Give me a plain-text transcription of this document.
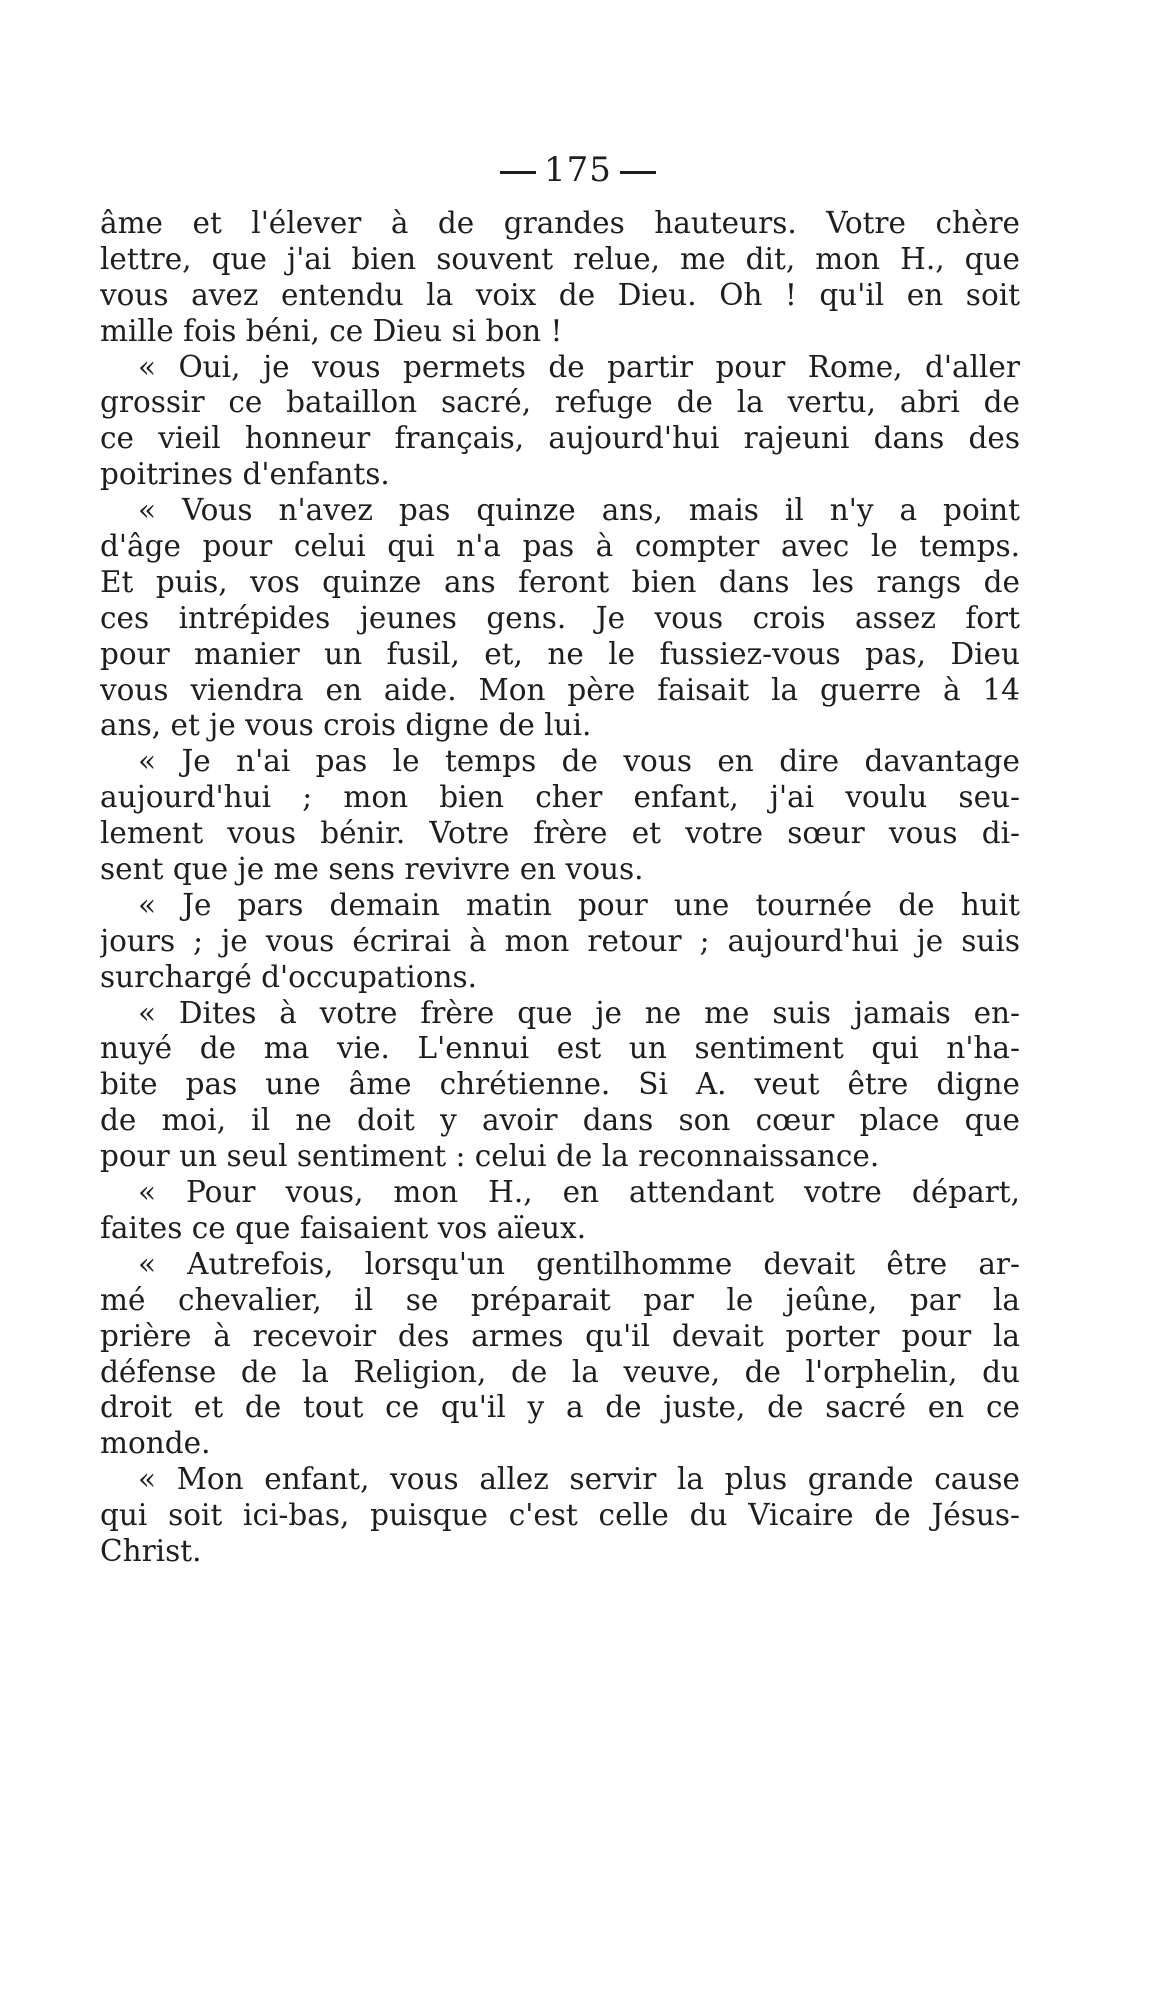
175
âme et l'élever à de grandes hauteurs. Votre chère
lettre, que j'ai bien souvent relue, me dit, mon H., que
vous avez entendu la voix de Dieu. Oh ! qu'il en soit
mille fois béni, ce Dieu si bon !
« Oui, je vous permets de partir pour Rome, d'aller
grossir ce bataillon sacré, refuge de la vertu, abri de
ce vieil honneur français, aujourd'hui rajeuni dans des
poitrines d'enfants.
« Vous n'avez pas quinze ans, mais il n'y a point
d'âge pour celui qui n'a pas à compter avec le temps.
Et puis, vos quinze ans feront bien dans les rangs de
ces intrépides jeunes gens. Je vous crois assez fort
pour manier un fusil, et, ne le fussiez-vous pas, Dieu
vous viendra en aide. Mon père faisait la guerre à 14
ans, et je vous crois digne de lui.
« Je n'ai pas le temps de vous en dire davantage
aujourd'hui ; mon bien cher enfant, j'ai voulu seu-
lement vous bénir. Votre frère et votre sœur vous di-
sent que je me sens revivre en vous.
« Je pars demain matin pour une tournée de huit
jours ; je vous écrirai à mon retour ; aujourd'hui je suis
surchargé d'occupations.
« Dites à votre frère que je ne me suis jamais en-
nuyé de ma vie. L'ennui est un sentiment qui n'ha-
bite pas une âme chrétienne. Si A. veut être digne
de moi, il ne doit y avoir dans son cœur place que
pour un seul sentiment : celui de la reconnaissance.
« Pour vous, mon H., en attendant votre départ,
faites ce que faisaient vos aïeux.
« Autrefois, lorsqu'un gentilhomme devait être ar-
mé chevalier, il se préparait par le jeûne, par la
prière à recevoir des armes qu'il devait porter pour la
défense de la Religion, de la veuve, de l'orphelin, du
droit et de tout ce qu'il y a de juste, de sacré en ce
monde.
« Mon enfant, vous allez servir la plus grande cause
qui soit ici-bas, puisque c'est celle du Vicaire de Jésus-
Christ.
